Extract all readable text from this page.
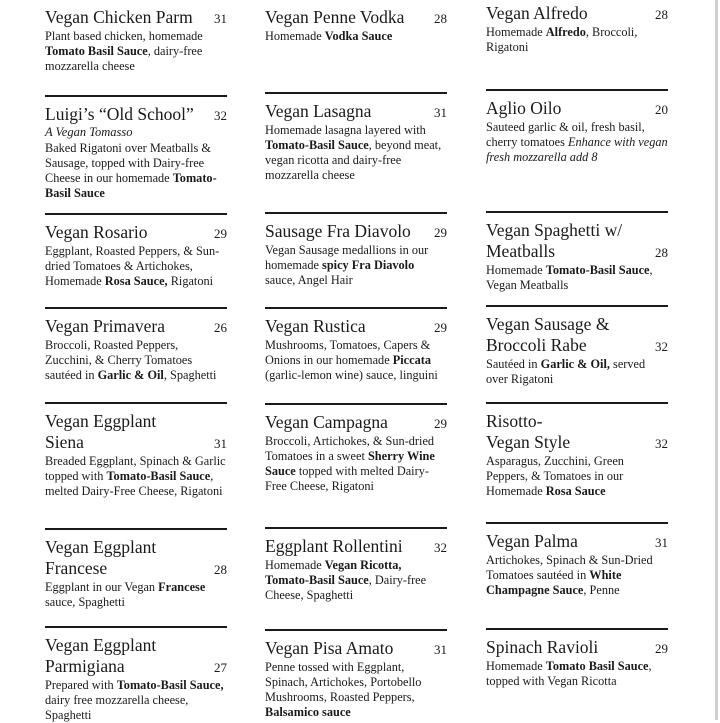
Vegan Chicken Parm 31
Plant based chicken, homemade Tomato Basil Sauce, dairy-free mozzarella cheese
Luigi’s “Old School” 32
A Vegan Tomasso
Baked Rigatoni over Meatballs & Sausage, topped with Dairy-free Cheese in our homemade Tomato-Basil Sauce
Vegan Rosario	29
Eggplant, Roasted Peppers, & Sun-dried Tomatoes & Artichokes, Homemade Rosa Sauce, Rigatoni
Vegan Primavera	26
Broccoli, Roasted Peppers, Zucchini, & Cherry Tomatoes sautéed in Garlic & Oil, Spaghetti
Vegan Eggplant
Siena	31
Breaded Eggplant, Spinach & Garlic topped with Tomato-Basil Sauce, melted Dairy-Free Cheese, Rigatoni
Vegan Eggplant
Francese	28
Eggplant in our Vegan Francese sauce, Spaghetti
Vegan Eggplant
Parmigiana	27
Prepared with Tomato-Basil Sauce, dairy free mozzarella cheese, Spaghetti
Vegan Penne Vodka 28
Homemade Vodka Sauce
Vegan Lasagna	31
Homemade lasagna layered with Tomato-Basil Sauce, beyond meat, vegan ricotta and dairy-free mozzarella cheese
Sausage Fra Diavolo 29
Vegan Sausage medallions in our homemade spicy Fra Diavolo sauce, Angel Hair
Vegan Rustica	29
Mushrooms, Tomatoes, Capers & Onions in our homemade Piccata (garlic-lemon wine) sauce, linguini
Vegan Campagna	29
Broccoli, Artichokes, & Sun-dried Tomatoes in a sweet Sherry Wine Sauce topped with melted Dairy-Free Cheese, Rigatoni
Eggplant Rollentini 32
Homemade Vegan Ricotta, Tomato-Basil Sauce, Dairy-free Cheese, Spaghetti
Vegan Pisa Amato	31
Penne tossed with Eggplant, Spinach, Artichokes, Portobello Mushrooms, Roasted Peppers, Balsamico sauce
Vegan Alfredo	28
Homemade Alfredo, Broccoli, Rigatoni
Aglio Oilo	20
Sauteed garlic & oil, fresh basil, cherry tomatoes Enhance with vegan fresh mozzarella add 8
Vegan Spaghetti w/
Meatballs	28
Homemade Tomato-Basil Sauce, Vegan Meatballs
Vegan Sausage &
Broccoli Rabe	32
Sautéed in Garlic & Oil, served over Rigatoni
Risotto-
Vegan Style	32
Asparagus, Zucchini, Green Peppers, & Tomatoes in our Homemade Rosa Sauce
Vegan Palma	31
Artichokes, Spinach & Sun-Dried Tomatoes sautéed in White Champagne Sauce, Penne
Spinach Ravioli	29
Homemade Tomato Basil Sauce, topped with Vegan Ricotta
